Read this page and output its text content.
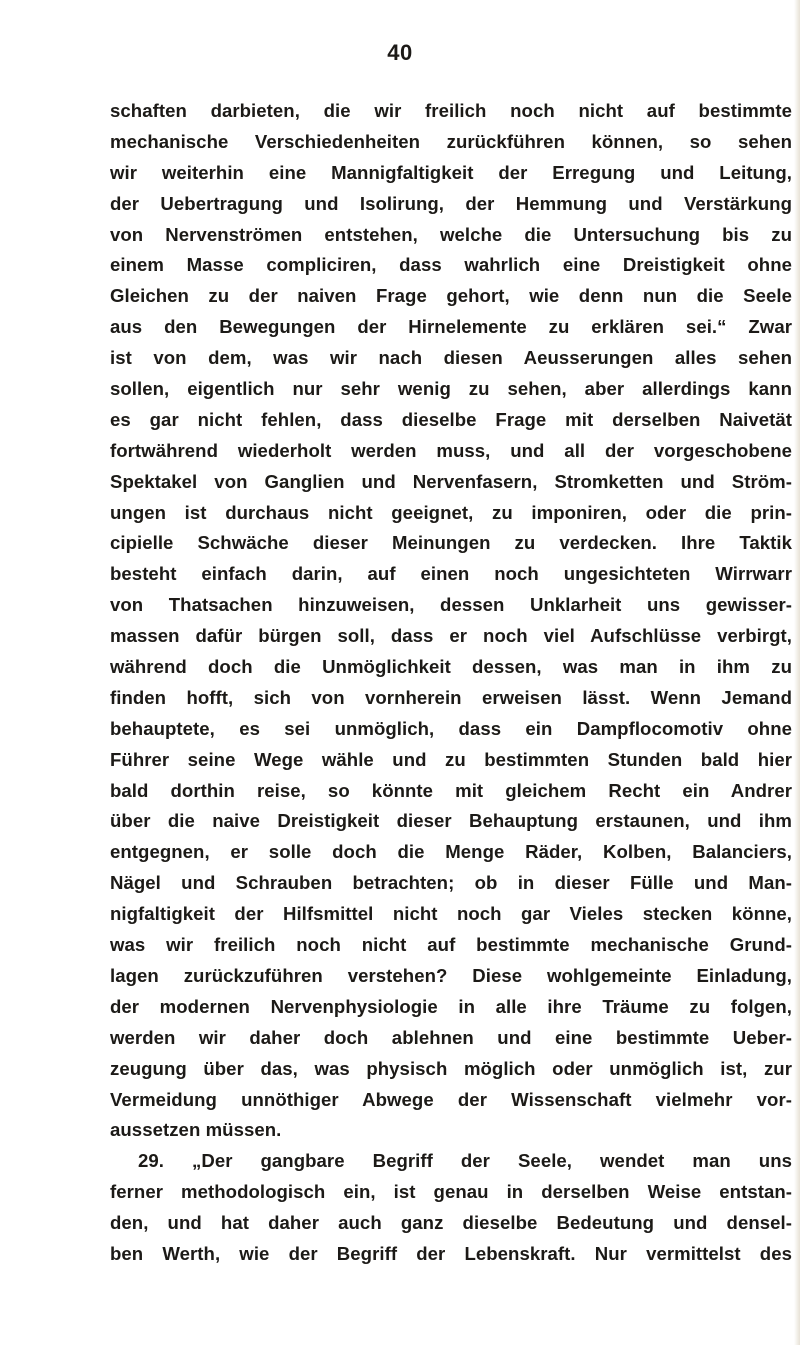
40
schaften darbieten, die wir freilich noch nicht auf bestimmte
mechanische Verschiedenheiten zurückführen können, so sehen
wir weiterhin eine Mannigfaltigkeit der Erregung und Leitung,
der Uebertragung und Isolirung, der Hemmung und Verstärkung
von Nervenströmen entstehen, welche die Untersuchung bis zu
einem Masse compliciren, dass wahrlich eine Dreistigkeit ohne
Gleichen zu der naiven Frage gehort, wie denn nun die Seele
aus den Bewegungen der Hirnelemente zu erklären sei.“ Zwar
ist von dem, was wir nach diesen Aeusserungen alles sehen
sollen, eigentlich nur sehr wenig zu sehen, aber allerdings kann
es gar nicht fehlen, dass dieselbe Frage mit derselben Naivetät
fortwährend wiederholt werden muss, und all der vorgeschobene
Spektakel von Ganglien und Nervenfasern, Stromketten und Ström-
ungen ist durchaus nicht geeignet, zu imponiren, oder die prin-
cipielle Schwäche dieser Meinungen zu verdecken. Ihre Taktik
besteht einfach darin, auf einen noch ungesichteten Wirrwarr
von Thatsachen hinzuweisen, dessen Unklarheit uns gewisser-
massen dafür bürgen soll, dass er noch viel Aufschlüsse verbirgt,
während doch die Unmöglichkeit dessen, was man in ihm zu
finden hofft, sich von vornherein erweisen lässt. Wenn Jemand
behauptete, es sei unmöglich, dass ein Dampflocomotiv ohne
Führer seine Wege wähle und zu bestimmten Stunden bald hier
bald dorthin reise, so könnte mit gleichem Recht ein Andrer
über die naive Dreistigkeit dieser Behauptung erstaunen, und ihm
entgegnen, er solle doch die Menge Räder, Kolben, Balanciers,
Nägel und Schrauben betrachten; ob in dieser Fülle und Man-
nigfaltigkeit der Hilfsmittel nicht noch gar Vieles stecken könne,
was wir freilich noch nicht auf bestimmte mechanische Grund-
lagen zurückzuführen verstehen? Diese wohlgemeinte Einladung,
der modernen Nervenphysiologie in alle ihre Träume zu folgen,
werden wir daher doch ablehnen und eine bestimmte Ueber-
zeugung über das, was physisch möglich oder unmöglich ist, zur
Vermeidung unnöthiger Abwege der Wissenschaft vielmehr vor-
aussetzen müssen.
29. „Der gangbare Begriff der Seele, wendet man uns
ferner methodologisch ein, ist genau in derselben Weise entstan-
den, und hat daher auch ganz dieselbe Bedeutung und densel-
ben Werth, wie der Begriff der Lebenskraft. Nur vermittelst des
